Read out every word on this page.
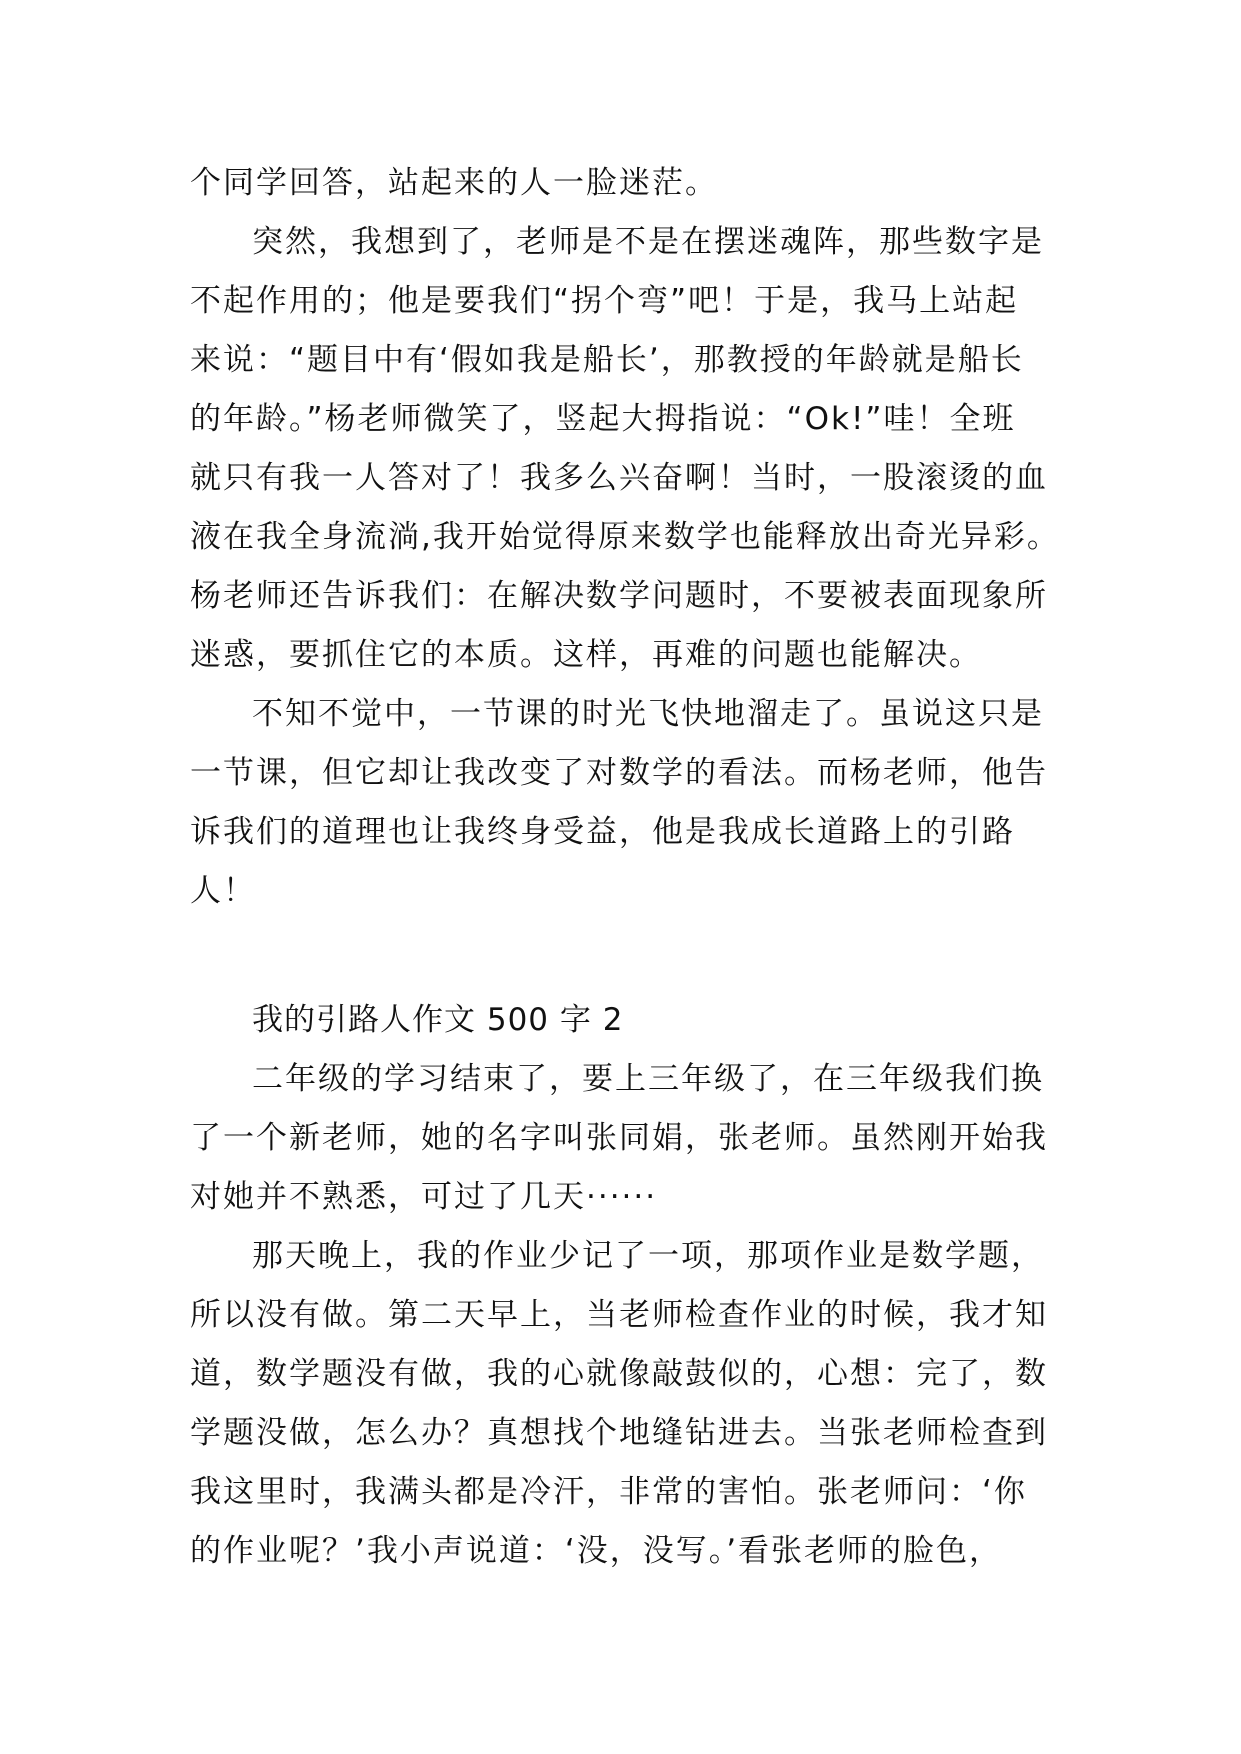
个同学回答，站起来的人一脸迷茫。
突然，我想到了，老师是不是在摆迷魂阵，那些数字是
不起作用的；他是要我们“拐个弯”吧！于是，我马上站起
来说：“题目中有‘假如我是船长’，那教授的年龄就是船长
的年龄。”杨老师微笑了，竖起大拇指说：“Ok!”哇！全班
就只有我一人答对了！我多么兴奋啊！当时，一股滚烫的血
液在我全身流淌,我开始觉得原来数学也能释放出奇光异彩。
杨老师还告诉我们：在解决数学问题时，不要被表面现象所
迷惑，要抓住它的本质。这样，再难的问题也能解决。
不知不觉中，一节课的时光飞快地溜走了。虽说这只是
一节课，但它却让我改变了对数学的看法。而杨老师，他告
诉我们的道理也让我终身受益，他是我成长道路上的引路
人！
我的引路人作文 500 字 2
二年级的学习结束了，要上三年级了，在三年级我们换
了一个新老师，她的名字叫张同娟，张老师。虽然刚开始我
对她并不熟悉，可过了几天······
那天晚上，我的作业少记了一项，那项作业是数学题，
所以没有做。第二天早上，当老师检查作业的时候，我才知
道，数学题没有做，我的心就像敲鼓似的，心想：完了，数
学题没做，怎么办？真想找个地缝钻进去。当张老师检查到
我这里时，我满头都是冷汗，非常的害怕。张老师问：‘你
的作业呢？’我小声说道：‘没，没写。’看张老师的脸色，
